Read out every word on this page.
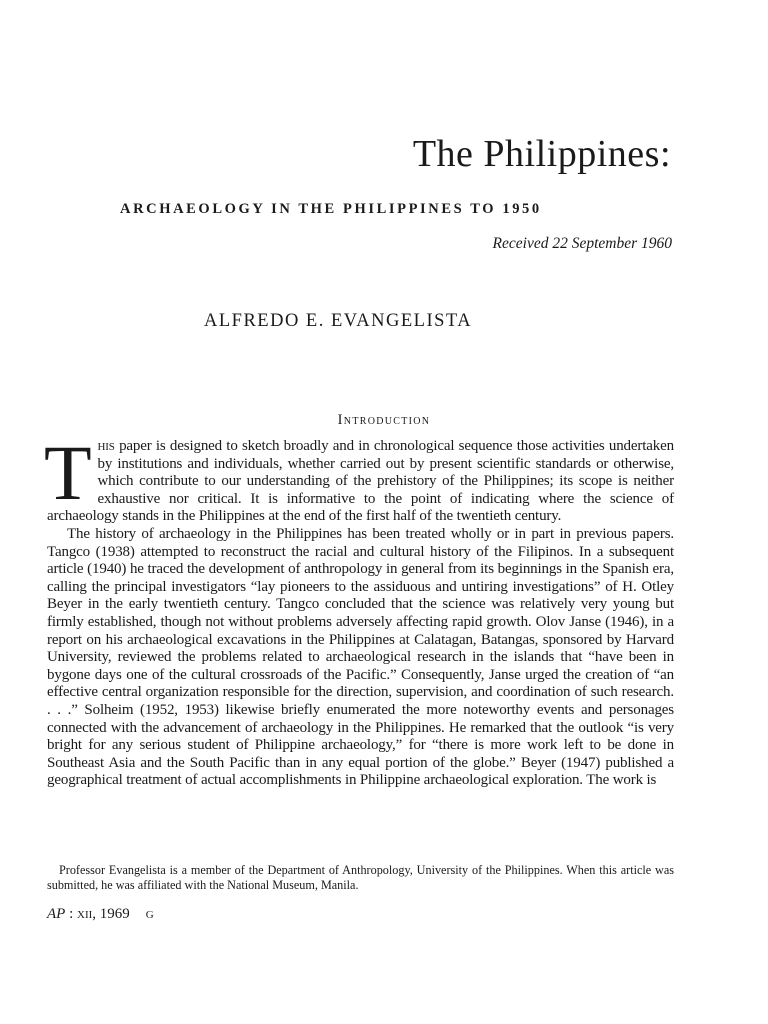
The Philippines:
ARCHAEOLOGY IN THE PHILIPPINES TO 1950

Received 22 September 1960

ALFREDO E. EVANGELISTA

Introduction

This paper is designed to sketch broadly and in chronological sequence those activities undertaken by institutions and individuals, whether carried out by present scientific standards or otherwise, which contribute to our understanding of the prehistory of the Philippines; its scope is neither exhaustive nor critical. It is informative to the point of indicating where the science of archaeology stands in the Philippines at the end of the first half of the twentieth century.

The history of archaeology in the Philippines has been treated wholly or in part in previous papers. Tangco (1938) attempted to reconstruct the racial and cultural history of the Filipinos. In a subsequent article (1940) he traced the development of anthropology in general from its beginnings in the Spanish era, calling the principal investigators “lay pioneers to the assiduous and untiring investigations” of H. Otley Beyer in the early twentieth century. Tangco concluded that the science was relatively very young but firmly established, though not without problems adversely affecting rapid growth. Olov Janse (1946), in a report on his archaeological excavations in the Philippines at Calatagan, Batangas, sponsored by Harvard University, reviewed the problems related to archaeological research in the islands that “have been in bygone days one of the cultural crossroads of the Pacific.” Consequently, Janse urged the creation of “an effective central organization responsible for the direction, supervision, and coordination of such research. . . .” Solheim (1952, 1953) likewise briefly enumerated the more noteworthy events and personages connected with the advancement of archaeology in the Philippines. He remarked that the outlook “is very bright for any serious student of Philippine archaeology,” for “there is more work left to be done in Southeast Asia and the South Pacific than in any equal portion of the globe.” Beyer (1947) published a geographical treatment of actual accomplishments in Philippine archaeological exploration. The work is

Professor Evangelista is a member of the Department of Anthropology, University of the Philippines. When this article was submitted, he was affiliated with the National Museum, Manila.

AP : xii, 1969 G
